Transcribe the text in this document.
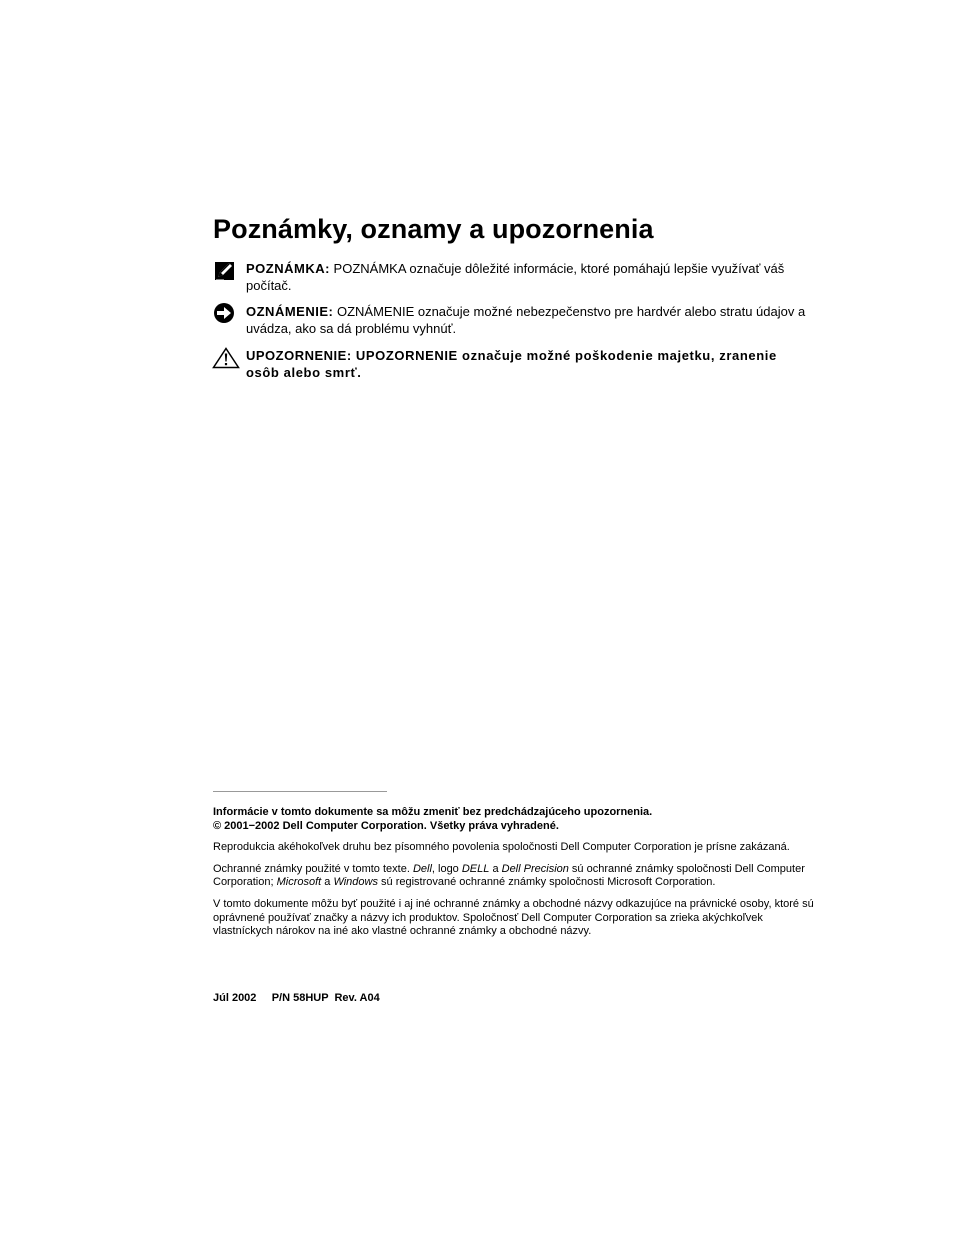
Poznámky, oznamy a upozornenia
POZNÁMKA: POZNÁMKA označuje dôležité informácie, ktoré pomáhajú lepšie využívať váš počítač.
OZNÁMENIE: OZNÁMENIE označuje možné nebezpečenstvo pre hardvér alebo stratu údajov a uvádza, ako sa dá problému vyhnúť.
UPOZORNENIE: UPOZORNENIE označuje možné poškodenie majetku, zranenie osôb alebo smrť.

Informácie v tomto dokumente sa môžu zmeniť bez predchádzajúceho upozornenia.
© 2001−2002 Dell Computer Corporation. Všetky práva vyhradené.

Reprodukcia akéhokoľvek druhu bez písomného povolenia spoločnosti Dell Computer Corporation je prísne zakázaná.

Ochranné známky použité v tomto texte. Dell, logo DELL a Dell Precision sú ochranné známky spoločnosti Dell Computer Corporation; Microsoft a Windows sú registrované ochranné známky spoločnosti Microsoft Corporation.

V tomto dokumente môžu byť použité i aj iné ochranné známky a obchodné názvy odkazujúce na právnické osoby, ktoré sú oprávnené používať značky a názvy ich produktov. Spoločnosť Dell Computer Corporation sa zrieka akýchkoľvek vlastníckych nárokov na iné ako vlastné ochranné známky a obchodné názvy.

Júl 2002 P/N 58HUP Rev. A04
